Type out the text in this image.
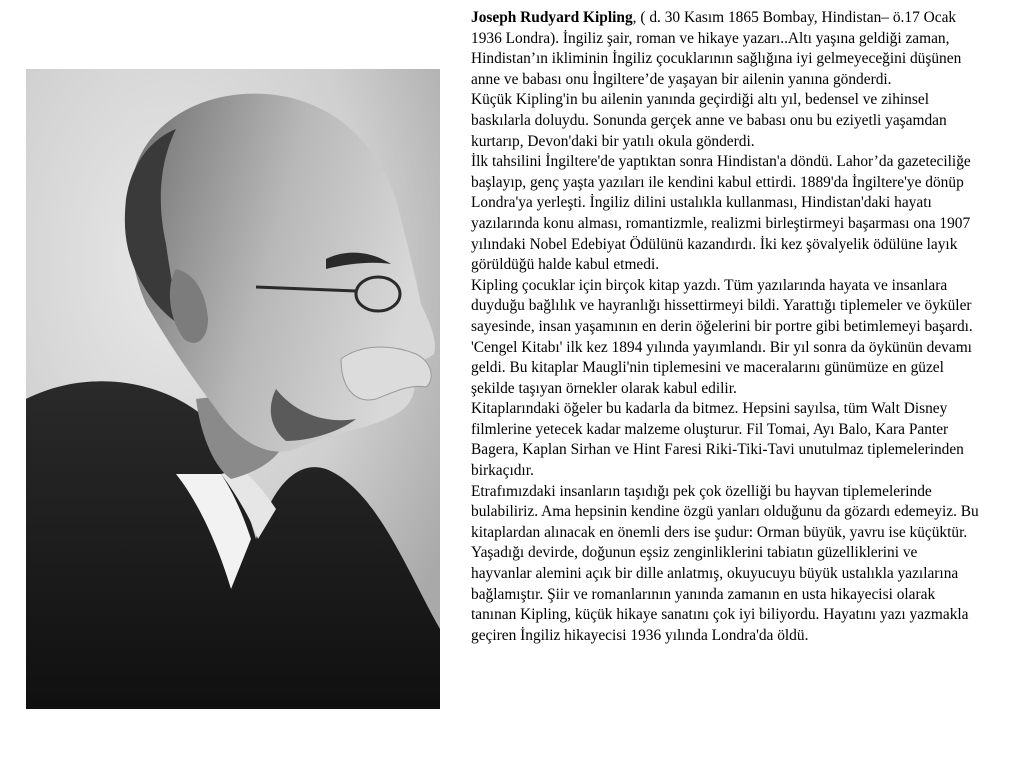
Joseph Rudyard Kipling, ( d. 30 Kasım 1865 Bombay, Hindistan– ö.17 Ocak 1936 Londra). İngiliz şair, roman ve hikaye yazarı..Altı yaşına geldiği zaman, Hindistan’ın ikliminin İngiliz çocuklarının sağlığına iyi gelmeyeceğini düşünen anne ve babası onu İngiltere’de yaşayan bir ailenin yanına gönderdi.

Küçük Kipling'in bu ailenin yanında geçirdiği altı yıl, bedensel ve zihinsel baskılarla doluydu. Sonunda gerçek anne ve babası onu bu eziyetli yaşamdan kurtarıp, Devon'daki bir yatılı okula gönderdi.

İlk tahsilini İngiltere'de yaptıktan sonra Hindistan'a döndü. Lahor’da gazeteciliğe başlayıp, genç yaşta yazıları ile kendini kabul ettirdi. 1889'da İngiltere'ye dönüp Londra'ya yerleşti. İngiliz dilini ustalıkla kullanması, Hindistan'daki hayatı yazılarında konu alması, romantizmle, realizmi birleştirmeyi başarması ona 1907 yılındaki Nobel Edebiyat Ödülünü kazandırdı. İki kez şövalyelik ödülüne layık görüldüğü halde kabul etmedi.

Kipling çocuklar için birçok kitap yazdı. Tüm yazılarında hayata ve insanlara duyduğu bağlılık ve hayranlığı hissettirmeyi bildi. Yarattığı tiplemeler ve öyküler sayesinde, insan yaşamının en derin öğelerini bir portre gibi betimlemeyi başardı.

'Cengel Kitabı' ilk kez 1894 yılında yayımlandı. Bir yıl sonra da öykünün devamı geldi. Bu kitaplar Maugli'nin tiplemesini ve maceralarını günümüze en güzel şekilde taşıyan örnekler olarak kabul edilir.

Kitaplarındaki öğeler bu kadarla da bitmez. Hepsini sayılsa, tüm Walt Disney filmlerine yetecek kadar malzeme oluşturur. Fil Tomai, Ayı Balo, Kara Panter Bagera, Kaplan Sirhan ve Hint Faresi Riki-Tiki-Tavi unutulmaz tiplemelerinden birkaçıdır.

Etrafımızdaki insanların taşıdığı pek çok özelliği bu hayvan tiplemelerinde bulabiliriz. Ama hepsinin kendine özgü yanları olduğunu da gözardı edemeyiz. Bu kitaplardan alınacak en önemli ders ise şudur: Orman büyük, yavru ise küçüktür.

Yaşadığı devirde, doğunun eşsiz zenginliklerini tabiatın güzelliklerini ve hayvanlar alemini açık bir dille anlatmış, okuyucuyu büyük ustalıkla yazılarına bağlamıştır. Şiir ve romanlarının yanında zamanın en usta hikayecisi olarak tanınan Kipling, küçük hikaye sanatını çok iyi biliyordu. Hayatını yazı yazmakla geçiren İngiliz hikayecisi 1936 yılında Londra'da öldü.
